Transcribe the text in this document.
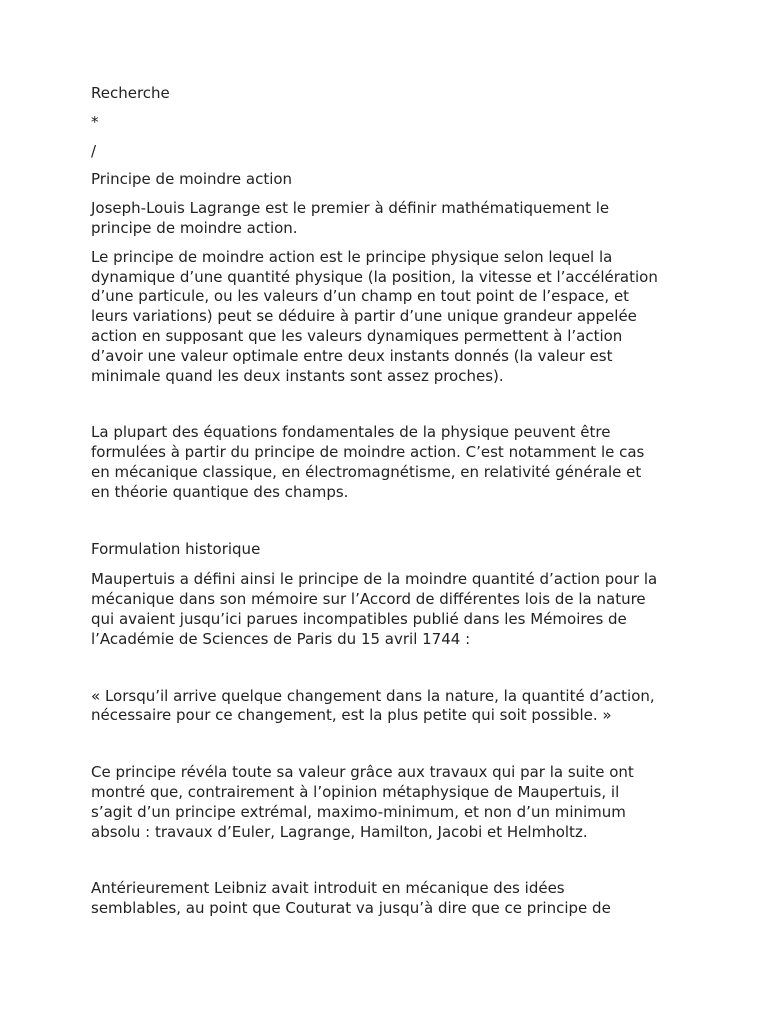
Recherche

*

/

Principe de moindre action

Joseph-Louis Lagrange est le premier à définir mathématiquement le
principe de moindre action.

Le principe de moindre action est le principe physique selon lequel la
dynamique d’une quantité physique (la position, la vitesse et l’accélération
d’une particule, ou les valeurs d’un champ en tout point de l’espace, et
leurs variations) peut se déduire à partir d’une unique grandeur appelée
action en supposant que les valeurs dynamiques permettent à l’action
d’avoir une valeur optimale entre deux instants donnés (la valeur est
minimale quand les deux instants sont assez proches).

La plupart des équations fondamentales de la physique peuvent être
formulées à partir du principe de moindre action. C’est notamment le cas
en mécanique classique, en électromagnétisme, en relativité générale et
en théorie quantique des champs.

Formulation historique

Maupertuis a défini ainsi le principe de la moindre quantité d’action pour la
mécanique dans son mémoire sur l’Accord de différentes lois de la nature
qui avaient jusqu’ici parues incompatibles publié dans les Mémoires de
l’Académie de Sciences de Paris du 15 avril 1744 :

« Lorsqu’il arrive quelque changement dans la nature, la quantité d’action,
nécessaire pour ce changement, est la plus petite qui soit possible. »

Ce principe révéla toute sa valeur grâce aux travaux qui par la suite ont
montré que, contrairement à l’opinion métaphysique de Maupertuis, il
s’agit d’un principe extrémal, maximo-minimum, et non d’un minimum
absolu : travaux d’Euler, Lagrange, Hamilton, Jacobi et Helmholtz.

Antérieurement Leibniz avait introduit en mécanique des idées
semblables, au point que Couturat va jusqu’à dire que ce principe de
